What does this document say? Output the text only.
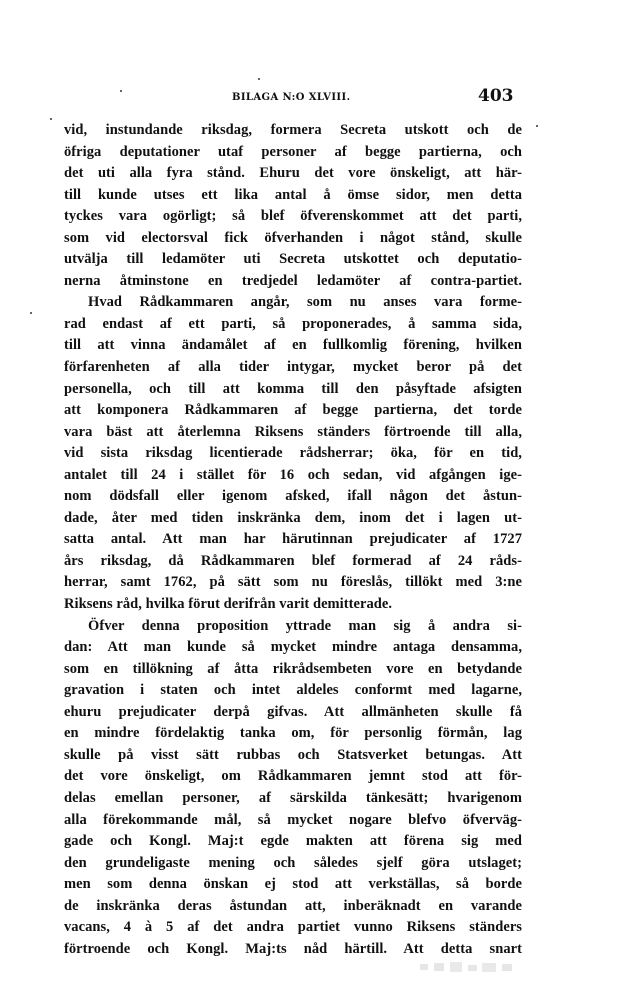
BILAGA N:O XLVIII.	403
vid, instundande riksdag, formera Secreta utskott och de
öfriga deputationer utaf personer af begge partierna, och
det uti alla fyra stånd. Ehuru det vore önskeligt, att här-
till kunde utses ett lika antal å ömse sidor, men detta
tyckes vara ogörligt; så blef öfverenskommet att det parti,
som vid electorsval fick öfverhanden i något stånd, skulle
utvälja till ledamöter uti Secreta utskottet och deputatio-
nerna åtminstone en tredjedel ledamöter af contra-partiet.
Hvad Rådkammaren angår, som nu anses vara forme-
rad endast af ett parti, så proponerades, å samma sida,
till att vinna ändamålet af en fullkomlig förening, hvilken
förfarenheten af alla tider intygar, mycket beror på det
personella, och till att komma till den påsyftade afsigten
att komponera Rådkammaren af begge partierna, det torde
vara bäst att återlemna Riksens ständers förtroende till alla,
vid sista riksdag licentierade rådsherrar; öka, för en tid,
antalet till 24 i stället för 16 och sedan, vid afgången ige-
nom dödsfall eller igenom afsked, ifall någon det åstun-
dade, åter med tiden inskränka dem, inom det i lagen ut-
satta antal. Att man har härutinnan prejudicater af 1727
års riksdag, då Rådkammaren blef formerad af 24 råds-
herrar, samt 1762, på sätt som nu föreslås, tillökt med 3:ne
Riksens råd, hvilka förut derifrån varit demitterade.
Öfver denna proposition yttrade man sig å andra si-
dan: Att man kunde så mycket mindre antaga densamma,
som en tillökning af åtta rikrådsembeten vore en betydande
gravation i staten och intet aldeles conformt med lagarne,
ehuru prejudicater derpå gifvas. Att allmänheten skulle få
en mindre fördelaktig tanka om, för personlig förmån, lag
skulle på visst sätt rubbas och Statsverket betungas. Att
det vore önskeligt, om Rådkammaren jemnt stod att för-
delas emellan personer, af särskilda tänkesätt; hvarigenom
alla förekommande mål, så mycket nogare blefvo öfverväg-
gade och Kongl. Maj:t egde makten att förena sig med
den grundeligaste mening och således sjelf göra utslaget;
men som denna önskan ej stod att verkställas, så borde
de inskränka deras åstundan att, inberäknadt en varande
vacans, 4 à 5 af det andra partiet vunno Riksens ständers
förtroende och Kongl. Maj:ts nåd härtill. Att detta snart
